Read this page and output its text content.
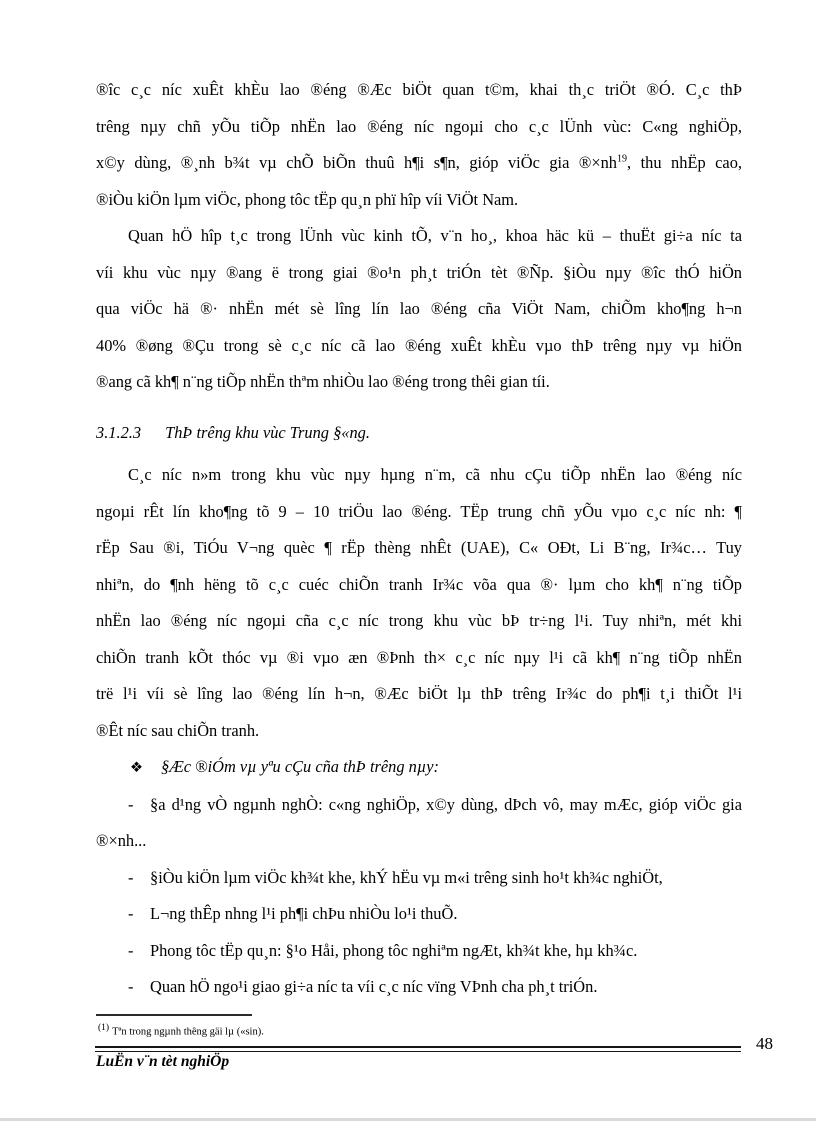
®îc c¸c níc xuÊt khÈu lao ®éng ®Æc biÖt quan t©m, khai th¸c triÖt ®Ó. C¸c thÞ
trêng nµy chñ yÕu tiÕp nhËn lao ®éng níc ngoµi cho c¸c lÜnh vùc: C«ng nghiÖp,
x©y dùng, ®¸nh b¾t vµ chÕ biÕn thuû h¶i s¶n, gióp viÖc gia ®×nh$^{19}$, thu nhËp cao,
®iÒu kiÖn lµm viÖc, phong tôc tËp qu¸n phï hîp víi ViÖt Nam.
Quan hÖ hîp t¸c trong lÜnh vùc kinh tÕ, v¨n ho¸, khoa häc kü – thuËt gi÷a níc ta
víi khu vùc nµy ®ang ë trong giai ®o¹n ph¸t triÓn tèt ®Ñp. §iÒu nµy ®îc thÓ hiÖn
qua viÖc hä ®· nhËn mét sè lîng lín lao ®éng cña ViÖt Nam, chiÕm kho¶ng h¬n
40% ®øng ®Çu trong sè c¸c níc cã lao ®éng xuÊt khÈu vµo thÞ trêng nµy vµ hiÖn
®ang cã kh¶ n¨ng tiÕp nhËn thªm nhiÒu lao ®éng trong thêi gian tíi.
3.1.2.3 ThÞ trêng khu vùc Trung §«ng.
C¸c níc n»m trong khu vùc nµy hµng n¨m, cã nhu cÇu tiÕp nhËn lao ®éng níc
ngoµi rÊt lín kho¶ng tõ 9 – 10 triÖu lao ®éng. TËp trung chñ yÕu vµo c¸c níc nh: ¶
rËp Sau ®i, TiÓu V¬ng quèc ¶ rËp thèng nhÊt (UAE), C« OÐt, Li B¨ng, Ir¾c… Tuy
nhiªn, do ¶nh hëng tõ c¸c cuéc chiÕn tranh Ir¾c võa qua ®· lµm cho kh¶ n¨ng tiÕp
nhËn lao ®éng níc ngoµi cña c¸c níc trong khu vùc bÞ tr÷ng l¹i. Tuy nhiªn, mét khi
chiÕn tranh kÕt thóc vµ ®i vµo æn ®Þnh th× c¸c níc nµy l¹i cã kh¶ n¨ng tiÕp nhËn
trë l¹i víi sè lîng lao ®éng lín h¬n, ®Æc biÖt lµ thÞ trêng Ir¾c do ph¶i t¸i thiÕt l¹i
®Êt níc sau chiÕn tranh.
❖ §Æc ®iÓm vµ yªu cÇu cña thÞ trêng nµy:
- §a d¹ng vÒ ngµnh nghÒ: c«ng nghiÖp, x©y dùng, dÞch vô, may mÆc, gióp viÖc gia
®×nh...
- §iÒu kiÖn lµm viÖc kh¾t khe, khÝ hËu vµ m«i trêng sinh ho¹t kh¾c nghiÖt,
- L¬ng thÊp nhng l¹i ph¶i chÞu nhiÒu lo¹i thuÕ.
- Phong tôc tËp qu¸n: §¹o Håi, phong tôc nghiªm ngÆt, kh¾t khe, hµ kh¾c.
- Quan hÖ ngo¹i giao gi÷a níc ta víi c¸c níc vïng VÞnh cha ph¸t triÓn.
(1) Tªn trong ngµnh thêng gäi lµ («sin).
48
LuËn v¨n tèt nghiÖp
